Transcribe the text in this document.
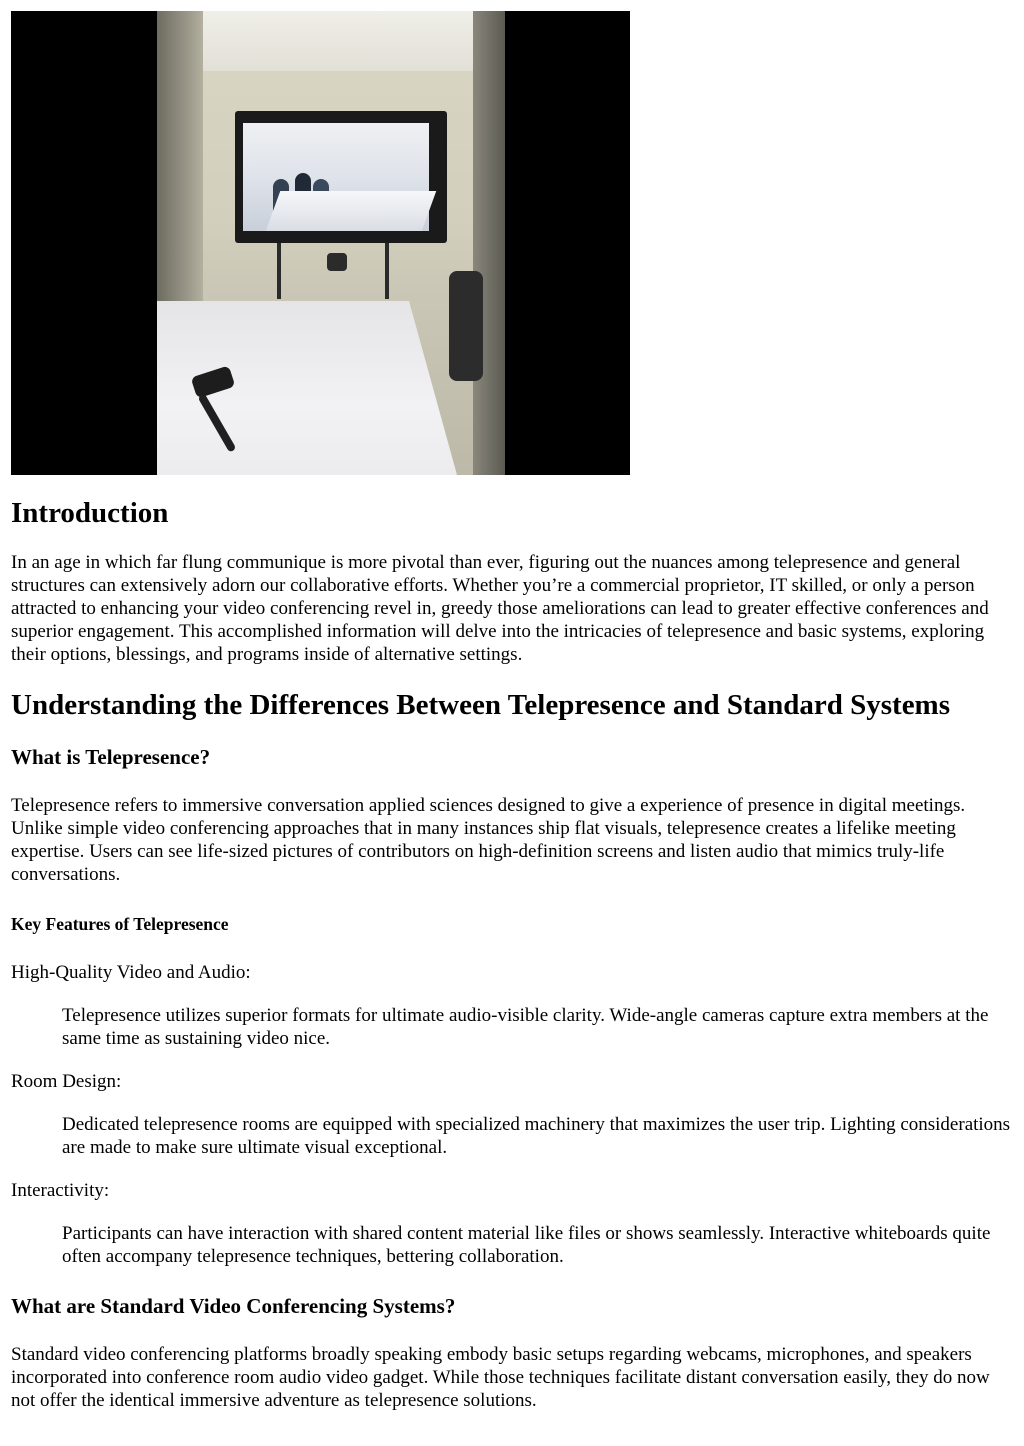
Introduction

In an age in which far flung communique is more pivotal than ever, figuring out the nuances among telepresence and general structures can extensively adorn our collaborative efforts. Whether you’re a commercial proprietor, IT skilled, or only a person attracted to enhancing your video conferencing revel in, greedy those ameliorations can lead to greater effective conferences and superior engagement. This accomplished information will delve into the intricacies of telepresence and basic systems, exploring their options, blessings, and programs inside of alternative settings.

Understanding the Differences Between Telepresence and Standard Systems
What is Telepresence?

Telepresence refers to immersive conversation applied sciences designed to give a experience of presence in digital meetings. Unlike simple video conferencing approaches that in many instances ship flat visuals, telepresence creates a lifelike meeting expertise. Users can see life-sized pictures of contributors on high-definition screens and listen audio that mimics truly-life conversations.

Key Features of Telepresence
High-Quality Video and Audio:
Telepresence utilizes superior formats for ultimate audio-visible clarity. Wide-angle cameras capture extra members at the same time as sustaining video nice.
Room Design:
Dedicated telepresence rooms are equipped with specialized machinery that maximizes the user trip. Lighting considerations are made to make sure ultimate visual exceptional.
Interactivity:
Participants can have interaction with shared content material like files or shows seamlessly. Interactive whiteboards quite often accompany telepresence techniques, bettering collaboration.
What are Standard Video Conferencing Systems?

Standard video conferencing platforms broadly speaking embody basic setups regarding webcams, microphones, and speakers incorporated into conference room audio video gadget. While those techniques facilitate distant conversation easily, they do now not offer the identical immersive adventure as telepresence solutions.
